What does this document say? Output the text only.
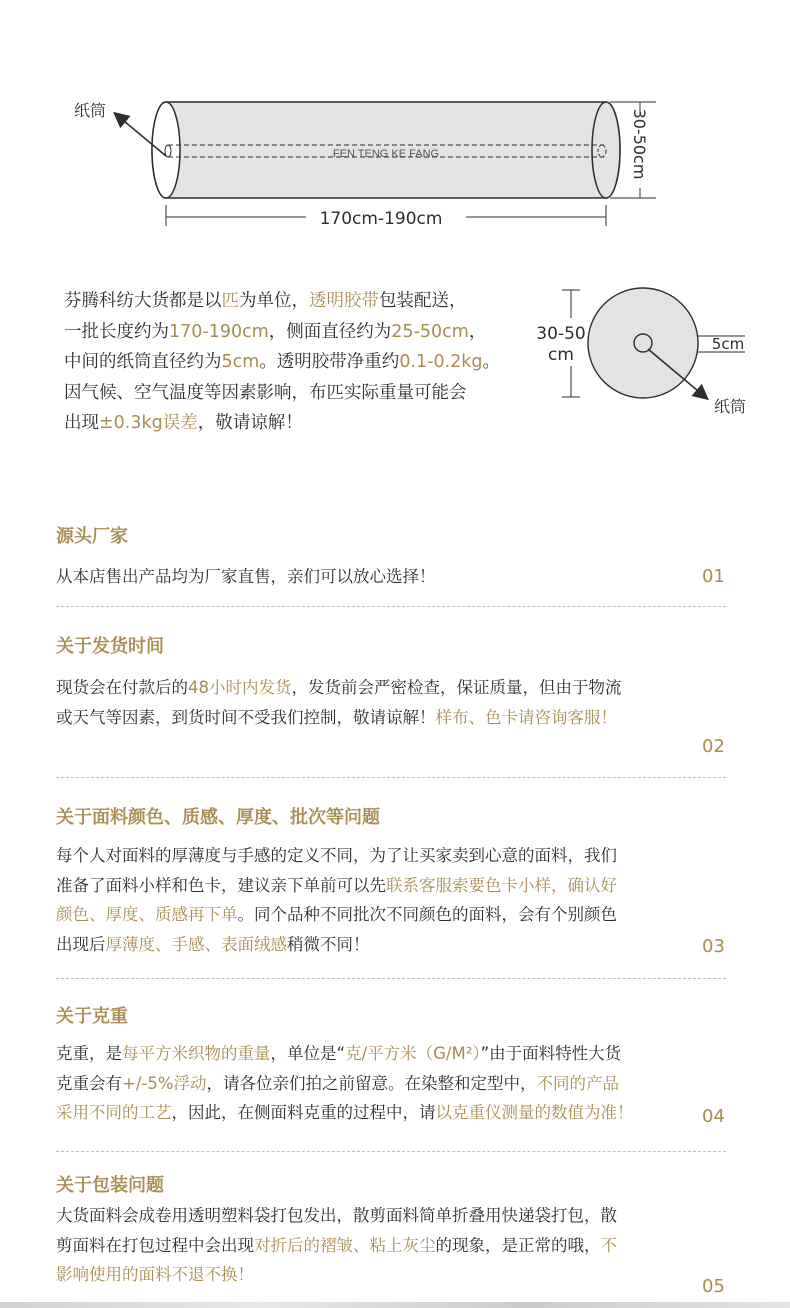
FEN TENG KE FANG
纸筒
170cm-190cm
30-50cm
30-50
cm
5cm
纸筒
芬腾科纺大货都是以匹为单位，透明胶带包装配送，
一批长度约为170-190cm，侧面直径约为25-50cm，
中间的纸筒直径约为5cm。透明胶带净重约0.1-0.2kg。
因气候、空气温度等因素影响，布匹实际重量可能会
出现±0.3kg误差，敬请谅解！
源头厂家
从本店售出产品均为厂家直售，亲们可以放心选择！	01
关于发货时间
现货会在付款后的48小时内发货，发货前会严密检查，保证质量，但由于物流
或天气等因素，到货时间不受我们控制，敬请谅解！样布、色卡请咨询客服！
02
关于面料颜色、质感、厚度、批次等问题
每个人对面料的厚薄度与手感的定义不同，为了让买家卖到心意的面料，我们
准备了面料小样和色卡，建议亲下单前可以先联系客服索要色卡小样，确认好
颜色、厚度、质感再下单。同个品种不同批次不同颜色的面料，会有个别颜色
出现后厚薄度、手感、表面绒感稍微不同！	03
关于克重
克重，是每平方米织物的重量，单位是“克/平方米（G/M²）”由于面料特性大货
克重会有+/-5%浮动，请各位亲们拍之前留意。在染整和定型中，不同的产品
采用不同的工艺，因此，在侧面料克重的过程中，请以克重仪测量的数值为准！	04
关于包装问题
大货面料会成卷用透明塑料袋打包发出，散剪面料简单折叠用快递袋打包，散
剪面料在打包过程中会出现对折后的褶皱、粘上灰尘的现象，是正常的哦，不
影响使用的面料不退不换！
05
